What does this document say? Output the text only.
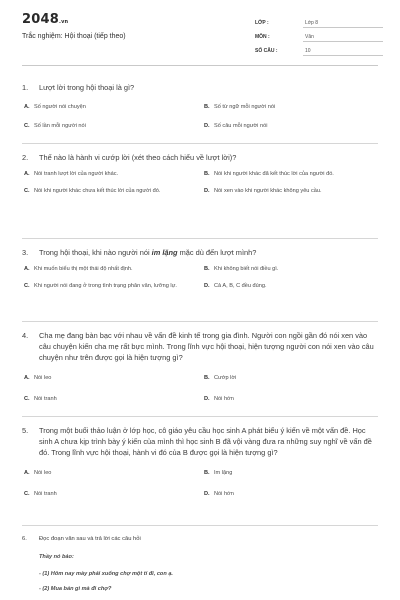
2048.vn
Trắc nghiệm: Hội thoại (tiếp theo)
LỚP :	Lớp 8
MÔN :	Văn
SỐ CÂU :	10
1.	Lượt lời trong hội thoại là gì?
A. Số người nói chuyện	B. Số từ ngữ mỗi người nói
C. Số lần mỗi người nói	D. Số câu mỗi người nói
2.	Thế nào là hành vi cướp lời (xét theo cách hiểu về lượt lời)?
A. Nói tranh lượt lời của người khác.	B. Nói khi người khác đã kết thúc lời của người đó.
C. Nói khi người khác chưa kết thúc lời của người đó.	D. Nói xen vào khi người khác không yêu cầu.
3.	Trong hội thoại, khi nào người nói im lặng mặc dù đến lượt mình?
A. Khi muốn biểu thị một thái độ nhất định.	B. Khi không biết nói điều gì.
C. Khi người nói đang ở trong tình trạng phân vân, lưỡng lự.	D. Cả A, B, C đều đúng.
4.	Cha mẹ đang bàn bạc với nhau về vấn đề kinh tế trong gia đình. Người con ngồi gần đó nói xen vào câu chuyện kiến cha mẹ rất bực mình. Trong lĩnh vực hội thoại, hiện tượng người con nói xen vào câu chuyện như trên được gọi là hiện tượng gì?
A. Nói leo	B. Cướp lời
C. Nói tranh	D. Nói hớn
5.	Trong một buổi thảo luận ở lớp học, cô giáo yêu cầu học sinh A phát biểu ý kiến về một vấn đề. Học sinh A chưa kịp trình bày ý kiến của mình thì học sinh B đã vội vàng đưa ra những suy nghĩ về vấn đề đó. Trong lĩnh vực hội thoại, hành vi đó của B được gọi là hiện tượng gì?
A. Nói leo	B. Im lặng
C. Nói tranh	D. Nói hớn
6.	Đọc đoạn văn sau và trả lời các câu hỏi
Thầy nó bảo:
- (1) Hôm nay mày phải xuống chợ một tí đi, con ạ.
- (2) Mua bán gì mà đi chợ?
